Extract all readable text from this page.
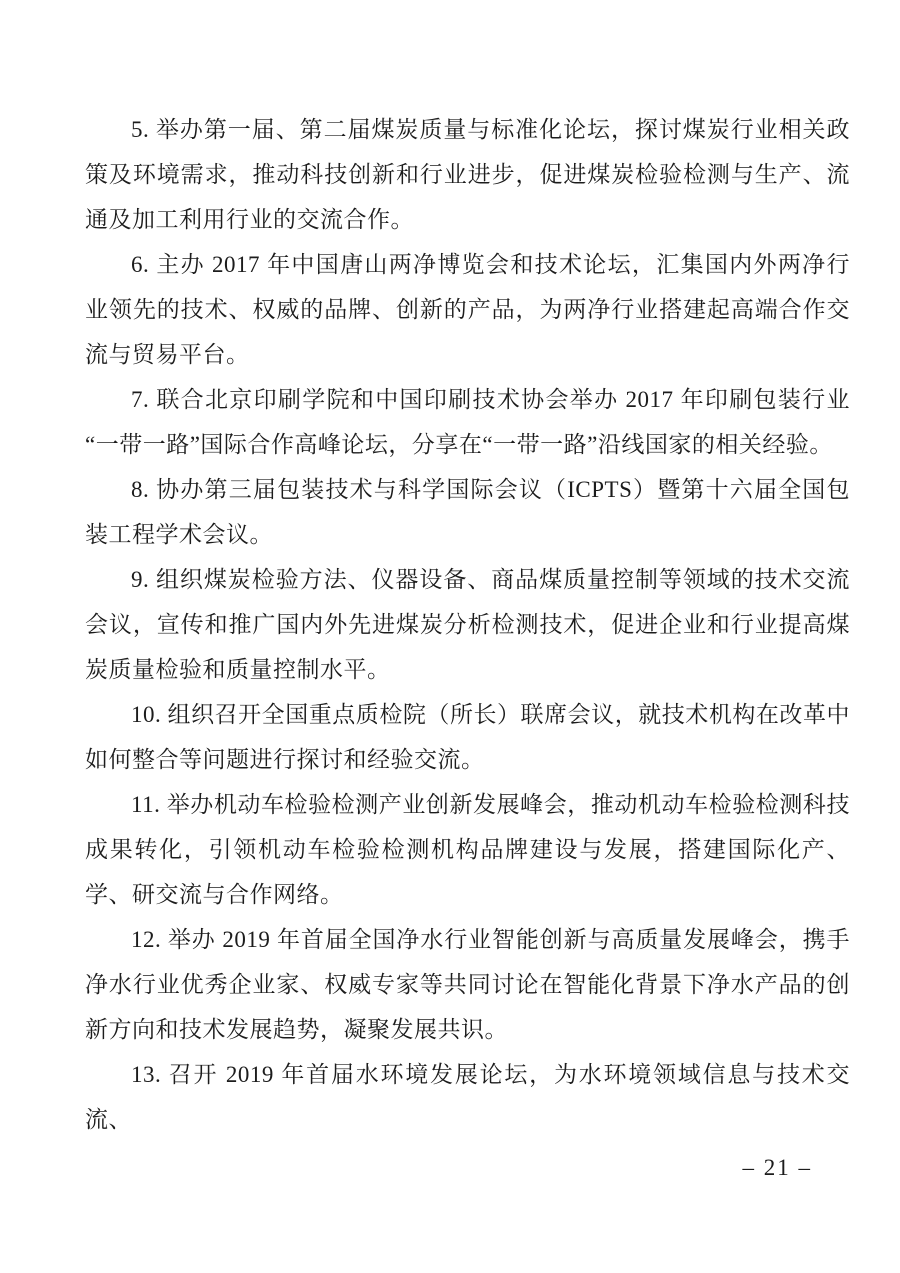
5. 举办第一届、第二届煤炭质量与标准化论坛，探讨煤炭行业相关政策及环境需求，推动科技创新和行业进步，促进煤炭检验检测与生产、流通及加工利用行业的交流合作。

6. 主办 2017 年中国唐山两净博览会和技术论坛，汇集国内外两净行业领先的技术、权威的品牌、创新的产品，为两净行业搭建起高端合作交流与贸易平台。

7. 联合北京印刷学院和中国印刷技术协会举办 2017 年印刷包装行业“一带一路”国际合作高峰论坛，分享在“一带一路”沿线国家的相关经验。

8. 协办第三届包装技术与科学国际会议（ICPTS）暨第十六届全国包装工程学术会议。

9. 组织煤炭检验方法、仪器设备、商品煤质量控制等领域的技术交流会议，宣传和推广国内外先进煤炭分析检测技术，促进企业和行业提高煤炭质量检验和质量控制水平。

10. 组织召开全国重点质检院（所长）联席会议，就技术机构在改革中如何整合等问题进行探讨和经验交流。

11. 举办机动车检验检测产业创新发展峰会，推动机动车检验检测科技成果转化，引领机动车检验检测机构品牌建设与发展，搭建国际化产、学、研交流与合作网络。

12. 举办 2019 年首届全国净水行业智能创新与高质量发展峰会，携手净水行业优秀企业家、权威专家等共同讨论在智能化背景下净水产品的创新方向和技术发展趋势，凝聚发展共识。

13. 召开 2019 年首届水环境发展论坛，为水环境领域信息与技术交流、

– 21 –
